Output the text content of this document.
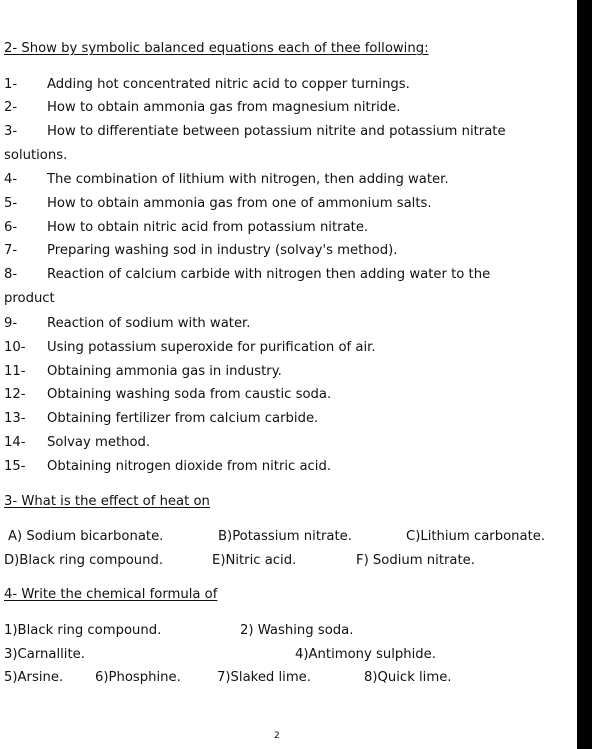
2- Show by symbolic balanced equations each of thee following:
1- Adding hot concentrated nitric acid to copper turnings.
2- How to obtain ammonia gas from magnesium nitride.
3- How to differentiate between potassium nitrite and potassium nitrate
solutions.
4- The combination of lithium with nitrogen, then adding water.
5- How to obtain ammonia gas from one of ammonium salts.
6- How to obtain nitric acid from potassium nitrate.
7- Preparing washing sod in industry (solvay's method).
8- Reaction of calcium carbide with nitrogen then adding water to the
product
9- Reaction of sodium with water.
10- Using potassium superoxide for purification of air.
11- Obtaining ammonia gas in industry.
12- Obtaining washing soda from caustic soda.
13- Obtaining fertilizer from calcium carbide.
14- Solvay method.
15- Obtaining nitrogen dioxide from nitric acid.
3- What is the effect of heat on
A) Sodium bicarbonate.	B)Potassium nitrate.	C)Lithium carbonate.
D)Black ring compound.	E)Nitric acid.	F) Sodium nitrate.
4- Write the chemical formula of
1)Black ring compound.	2) Washing soda.
3)Carnallite.	4)Antimony sulphide.
5)Arsine. 6)Phosphine.	7)Slaked lime.	8)Quick lime.
2
